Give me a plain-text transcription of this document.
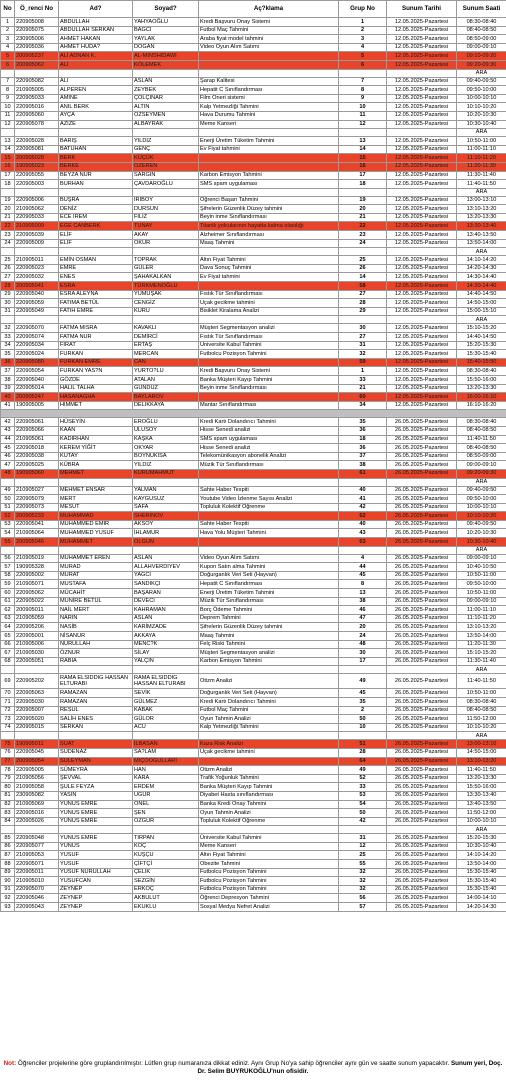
No	Ö_renci No	Ad?	Soyad?	Aç?klama	Grup No	Sunum Tarihi	Sunum Saati
1	220905008	ABDULLAH	YAHYAOĞLU	Kredi Başvuru Onay Sistemi	1	12.05.2025-Pazartesi	08:30-08:40
2	220905075	ABDULLAH SERKAN	BAĞCI	Futbol Maç Tahmini	2	12.05.2025-Pazartesi	08:40-08:50
3	230905006	AHMET HAKAN	YAYLAK	Araba fiyat model tahmini	3	12.05.2025-Pazartesi	08:50-09:00
4	220905036	AHMET HÜDA?	DOĞAN	Video Oyun Alım Satımı	4	12.05.2025-Pazartesi	09:00-09:10
5	200905237	ALİ ADNAN K.	AL-MINSHIDAWI		5	12.05.2025-Pazartesi	09:10-09:20
6	200905062	ALİ	KÖLEMEK		6	12.05.2025-Pazartesi	09:20-09:30
							ARA
7	220905082	ALİ	ASLAN	Şarap Kalitesi	7	12.05.2025-Pazartesi	09:40-09:50
8	210905005	ALPEREN	ZEYBEK	Hepatit C Sınıflandırması	8	12.05.2025-Pazartesi	09:50-10:00
9	220905033	AMİNE	ÇOLÇINAR	Film Öneri sistemi	9	12.05.2025-Pazartesi	10:00-10:10
10	220905016	ANIL BERK	ALTIN	Kalp Yetmezliği Tahmini	10	12.05.2025-Pazartesi	10:10-10:20
11	220905060	AYÇA	ÖZSEYMEN	Hava Durumu Tahmini	11	12.05.2025-Pazartesi	10:20-10:30
12	220905078	AZİZE	ALBAYRAK	Meme Kanseri	12	12.05.2025-Pazartesi	10:30-10:40
							ARA
13	220905028	BARIŞ	YILDIZ	Enerji Üretim Tüketim Tahmini	13	12.05.2025-Pazartesi	10:50-11:00
14	220905081	BATUHAN	GENÇ	Ev Fiyat tahmini	14	12.05.2025-Pazartesi	11:00-11:10
15	200905028	BERK	KÜÇÜK		15	12.05.2025-Pazartesi	11:10-11:20
16	190905023	BERKE	ÖZEREN		16	12.05.2025-Pazartesi	11:20-11:30
17	220905055	BEYZA NUR	SARGIN	Karbon Emisyon Tahmini	17	12.05.2025-Pazartesi	11:30-11:40
18	220905003	BURHAN	ÇAVDAROĞLU	SMS spam uygulaması	18	12.05.2025-Pazartesi	11:40-11:50
							ARA
19	220905006	BÜŞRA	İRİBOY	Öğrenci Başarı Tahmini	19	12.05.2025-Pazartesi	13:00-13:10
20	210905062	DENİZ	DURSUN	Şifrelerin Güzenlik Düzey tahmini	20	12.05.2025-Pazartesi	13:10-13:20
21	220905033	ECE İREM	FİLİZ	Beyin inme Sınıflandırması	21	12.05.2025-Pazartesi	13:20-13:30
22	210905009	EGE CANBERK	TUNAY	Titanik yolcularının hayatta kalma olasılığı	22	12.05.2025-Pazartesi	13:30-13:40
23	220905039	ELİF	AKAY	Alzheimer Sınıflandırması	23	12.05.2025-Pazartesi	13:40-13:50
24	220905009	ELİF	OKUR	Maaş Tahmini	24	12.05.2025-Pazartesi	13:50-14:00
							ARA
25	210905011	EMİN OSMAN	TOPRAK	Altın Fiyat Tahmini	25	12.05.2025-Pazartesi	14:10-14:20
26	220905023	EMRE	GÜLER	Dava Sonuç Tahmini	26	12.05.2025-Pazartesi	14:20-14:30
27	220905032	ENES	ŞAHAKALKAN	Ev Fiyat tahmini	14	12.05.2025-Pazartesi	14:30-14:40
28	200905041	ESRA	TÜRKMENOĞLU		58	12.05.2025-Pazartesi	14:30-14:40
29	220905040	ESRA ALEYNA	YUMUŞAK	Fıstık Tür Sınıflandırması	27	12.05.2025-Pazartesi	14:40-14:50
30	220905059	FATIMA BETÜL	CENGİZ	Uçak gecikme tahmini	28	12.05.2025-Pazartesi	14:50-15:00
31	220905049	FATİH EMRE	KURU	Bisiklet Kiralama Analizi	29	12.05.2025-Pazartesi	15:00-15:10
							ARA
32	220905070	FATMA MISRA	KAVAKLI	Müşteri Segmentasyon analizi	30	12.05.2025-Pazartesi	15:10-15:20
33	220905074	FATMA NUR	DEMİRCİ	Fıstık Tür Sınıflandırması	27	12.05.2025-Pazartesi	14:40-14:50
34	220905034	FIRAT	ERTAŞ	Üniversite Kabul Tahmini	31	12.05.2025-Pazartesi	15:20-15:30
35	220905024	FURKAN	MERCAN	Futbolcu Pozisyon Tahmini	32	12.05.2025-Pazartesi	15:30-15:40
36	220905080	FURKAN EMRE	CAN		59	12.05.2025-Pazartesi	15:40-15:50
37	220905054	FURKAN YAS?N	YURTO?LU	Kredi Başvuru Onay Sistemi	1	12.05.2025-Pazartesi	08:30-08:40
38	220905040	GÖZDE	ATALAN	Banka Müşteri Kayıp Tahmini	33	12.05.2025-Pazartesi	15:50-16:00
39	220905014	HALİL TALHA	GÜNDÜZ	Beyin inme Sınıflandırması	21	12.05.2025-Pazartesi	13:20-13:30
40	200905247	HASANAGHA	BAYLAROV		60	12.05.2025-Pazartesi	16:00-16:10
41	190905005	HİMMET	DELİKKAYA	Mantar Sınıflandırması	34	12.05.2025-Pazartesi	16:10-16:20

42	220905061	HÜSEYİN	EROĞLU	Kredi Kartı Dolandırıcı Tahmini	35	26.05.2025-Pazartesi	08:30-08:40
43	220905066	KAAN	ULUSOY	Hisse Senedi analizi	36	26.05.2025-Pazartesi	08:40-08:50
44	210905061	KADİRHAN	KAŞKA	SMS spam uygulaması	18	26.05.2025-Pazartesi	11:40-11:50
45	220905018	KEREM YİĞİT	OKYAR	Hisse Senedi analizi	36	26.05.2025-Pazartesi	08:40-08:50
46	220905038	KUTAY	BOYNUKISA	Telekomünikasyon abonelik Analizi	37	26.05.2025-Pazartesi	08:50-09:00
47	220905025	KÜBRA	YILDIZ	Müzik Tür Sınıflandırması	38	26.05.2025-Pazartesi	09:00-09:10
48	190905060	MEHMET	KURUMAHMUT		61	26.05.2025-Pazartesi	09:20-09:30
							ARA
49	210905027	MEHMET ENSAR	YALMAN	Sahte Haber Tespiti	40	26.05.2025-Pazartesi	09:40-09:50
50	220905079	MERT	KAYGUSUZ	Youtube Video İzlenme Sayısı Analizi	41	26.05.2025-Pazartesi	09:50-10:00
51	220905073	MESUT	SAFA	Topluluk Kolektif Öğrenme	42	26.05.2025-Pazartesi	10:00-10:10
52	200905233	MUHAMMAD	SHERINOV		62	26.05.2025-Pazartesi	10:10-10:20
53	220905041	MUHAMMED EMİR	AKSOY	Sahte Haber Tespiti	40	26.05.2025-Pazartesi	09:40-09:50
54	210905064	MUHAMMED YUSUF	İHLAMUR	Hava Yolu Müşteri Tahmini	43	26.05.2025-Pazartesi	10:20-10:30
55	200905046	MUHAMMET	OLGUN		63	26.05.2025-Pazartesi	10:30-10:40
							ARA
56	210905019	MUHAMMET EREN	ASLAN	Video Oyun Alım Satımı	4	26.05.2025-Pazartesi	09:00-09:10
57	190905328	MURAD	ALLAHVERDIYEV	Kupon Satın alma Tahmini	44	26.05.2025-Pazartesi	10:40-10:50
58	220905002	MURAT	YAĞCI	Doğurganlık Veri Seti (Hayvan)	45	26.05.2025-Pazartesi	10:50-11:00
59	210905071	MUSTAFA	SANDIKÇI	Hepatit C Sınıflandırması	8	26.05.2025-Pazartesi	09:50-10:00
60	220905062	MÜCAHİT	BAŞARAN	Enerji Üretim Tüketim Tahmini	13	26.05.2025-Pazartesi	10:50-11:00
61	220905022	MÜNİRE BETÜL	DEVECİ	Müzik Tür Sınıflandırması	38	26.05.2025-Pazartesi	09:00-09:10
62	200905011	NAİL MERT	KAHRAMAN	Borç Ödeme Tahmini	46	26.05.2025-Pazartesi	11:00-11:10
63	210905059	NARİN	ASLAN	Deprem Tahmini	47	26.05.2025-Pazartesi	11:10-11:20
64	220905206	NASİB	KARİMZADE	Şifrelerin Güzenlik Düzey tahmini	20	26.05.2025-Pazartesi	13:10-13:20
65	220905001	NİSANUR	AKKAYA	Maaş Tahmini	24	26.05.2025-Pazartesi	13:50-14:00
66	210905006	NURULLAH	MENC?K	Felç Riski Tahmini	48	26.05.2025-Pazartesi	11:20-11:30
67	210905030	ÖZNUR	SİLAY	Müşteri Segmentasyon analizi	30	26.05.2025-Pazartesi	15:10-15:20
68	220905051	RABİA	YALÇIN	Karbon Emisyon Tahmini	17	26.05.2025-Pazartesi	11:30-11:40
							ARA
69	220905202	RAMA ELSIDDIG HASSAN ELTURABI	RAMA ELSIDDIG HASSAN ELTURABI	Otizm Analizi	49	26.05.2025-Pazartesi	11:40-11:50
70	220905063	RAMAZAN	SEVİK	Doğurganlık Veri Seti (Hayvan)	45	26.05.2025-Pazartesi	10:50-11:00
71	220905030	RAMAZAN	GÜLMEZ	Kredi Kartı Dolandırıcı Tahmini	35	26.05.2025-Pazartesi	08:30-08:40
72	220905007	RESUL	KABAK	Futbol Maç Tahmini	2	26.05.2025-Pazartesi	08:40-08:50
73	220905020	SALİH ENES	GÜLOR	Oyun Tahmin Analizi	50	26.05.2025-Pazartesi	11:50-12:00
74	220905015	SERKAN	ACU	Kalp Yetmezliği Tahmini	10	26.05.2025-Pazartesi	10:10-10:20
							ARA
75	190905011	SUAT	İLBASAN	Kaza Risk Analizi	51	26.05.2025-Pazartesi	13:00-13:10
76	220905045	SUDENAZ	SA?LAM	Uçak gecikme tahmini	28	26.05.2025-Pazartesi	14:50-15:00
77	200905054	SÜLEYMAN	MİÇOOĞULLARI		64	26.05.2025-Pazartesi	13:10-13:20
78	220905005	SÜMEYRA	HAN	Otizm Analizi	49	26.05.2025-Pazartesi	11:40-11:50
79	210905056	ŞEVVAL	KARA	Trafik Yoğunluk Tahmini	52	26.05.2025-Pazartesi	13:20-13:30
80	210905058	ŞULE FEYZA	ERDEM	Banka Müşteri Kayıp Tahmini	33	26.05.2025-Pazartesi	15:50-16:00
81	230905082	YASİN	UĞUR	Diyabet Hasta sınıflandırması	53	26.05.2025-Pazartesi	13:30-13:40
82	210905069	YUNUS EMRE	ÖNEL	Banka Kredi Onay Tahmini	54	26.05.2025-Pazartesi	13:40-13:50
83	220905016	YUNUS EMRE	ŞEN	Oyun Tahmin Analizi	50	26.05.2025-Pazartesi	11:50-12:00
84	220905026	YUNUS EMRE	ÖZGÜR	Topluluk Kolektif Öğrenme	42	26.05.2025-Pazartesi	10:00-10:10
							ARA
85	220905048	YUNUS EMRE	TIRPAN	Üniversite Kabul Tahmini	31	26.05.2025-Pazartesi	15:20-15:30
86	220905077	YUNUS	KOÇ	Meme Kanseri	12	26.05.2025-Pazartesi	10:30-10:40
87	210905053	YUSUF	KUŞÇU	Altın Fiyat Tahmini	25	26.05.2025-Pazartesi	14:10-14:20
88	220905071	YUSUF	ÇİFTÇİ	Obezite Tahmini	55	26.05.2025-Pazartesi	13:50-14:00
89	220905011	YUSUF NURULLAH	ÇELİK	Futbolcu Pozisyon Tahmini	32	26.05.2025-Pazartesi	15:30-15:40
90	210905010	YUSUFCAN	SEZGİN	Futbolcu Pozisyon Tahmini	32	26.05.2025-Pazartesi	15:30-15:40
91	220905070	ZEYNEP	ERKOÇ	Futbolcu Pozisyon Tahmini	32	26.05.2025-Pazartesi	15:30-15:40
92	220905046	ZEYNEP	AKBULUT	Öğrenci Depresyon Tahmini	56	26.05.2025-Pazartesi	14:00-14:10
93	220905043	ZEYNEP	EKUKLU	Sosyal Medya Nefret Analizi	57	26.05.2025-Pazartesi	14:20-14:30
Not: Öğrenciler projelerine göre gruplandırılmıştır. Lütfen grup numaranıza dikkat ediniz. Aynı Grup No'ya sahip öğrenciler aynı gün ve saatte sunum yapacaktır. Sunum yeri, Doç. Dr. Selim BUYRUKOĞLU'nun ofisidir.
